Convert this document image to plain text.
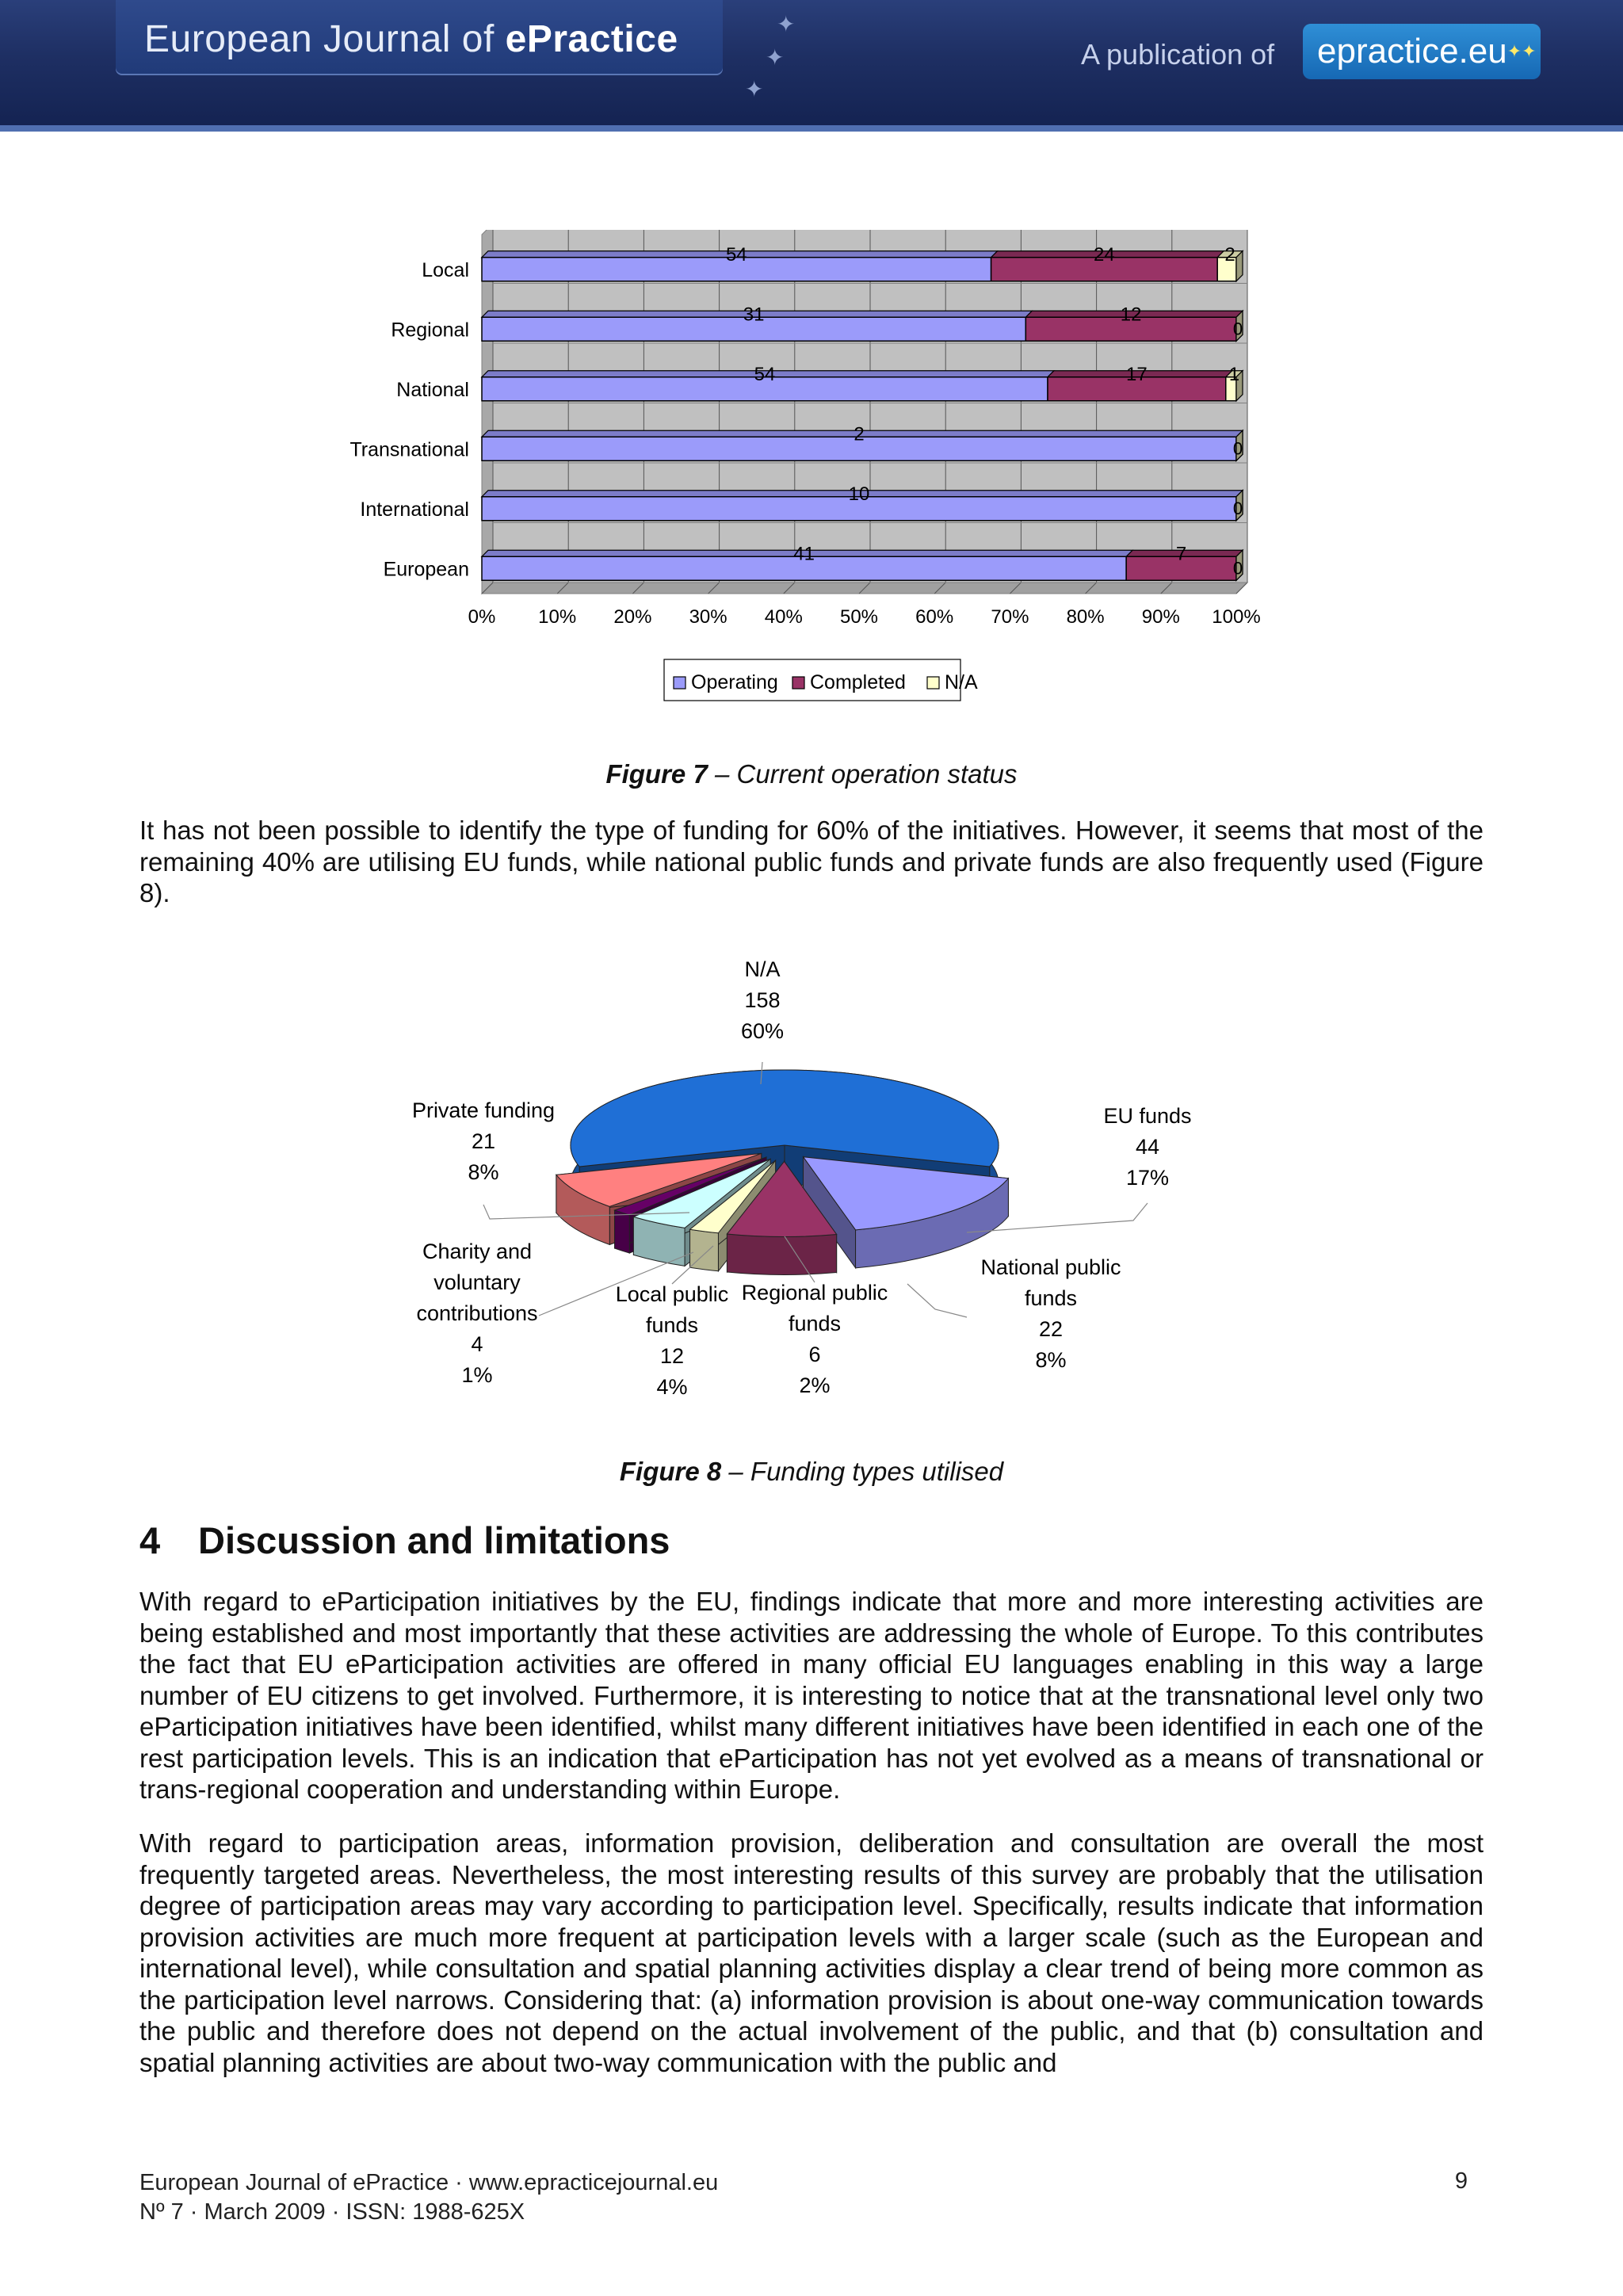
European Journal of ePractice	✦
✦
✦
A publication of	epractice.eu✦✦
0% 10% 20% 30% 40% 50% 60% 70% 80% 90% 100%
Local
54	24	2
Regional
31	12
0
National
54	17	1
Transnational
2
0
International
10
0
European
41	7
0
Operating Completed N/A
Figure 7 – Current operation status

It has not been possible to identify the type of funding for 60% of the initiatives. However, it seems that most of the remaining 40% are utilising EU funds, while national public funds and private funds are also frequently used (Figure 8).

N/A
158
60%
EU funds
44
17%
National public
funds
22
8%
Regional public
funds
6
2%
Local public
funds
12
4%
Charity and
voluntary
contributions
4
1%
Private funding
21
8%
Figure 8 – Funding types utilised
4 Discussion and limitations

With regard to eParticipation initiatives by the EU, findings indicate that more and more interesting activities are being established and most importantly that these activities are addressing the whole of Europe. To this contributes the fact that EU eParticipation activities are offered in many official EU languages enabling in this way a large number of EU citizens to get involved. Furthermore, it is interesting to notice that at the transnational level only two eParticipation initiatives have been identified, whilst many different initiatives have been identified in each one of the rest participation levels. This is an indication that eParticipation has not yet evolved as a means of transnational or trans-regional cooperation and understanding within Europe.

With regard to participation areas, information provision, deliberation and consultation are overall the most frequently targeted areas. Nevertheless, the most interesting results of this survey are probably that the utilisation degree of participation areas may vary according to participation level. Specifically, results indicate that information provision activities are much more frequent at participation levels with a larger scale (such as the European and international level), while consultation and spatial planning activities display a clear trend of being more common as the participation level narrows. Considering that: (a) information provision is about one-way communication towards the public and therefore does not depend on the actual involvement of the public, and that (b) consultation and spatial planning activities are about two-way communication with the public and

European Journal of ePractice · www.epracticejournal.eu
Nº 7 · March 2009 · ISSN: 1988-625X
9
